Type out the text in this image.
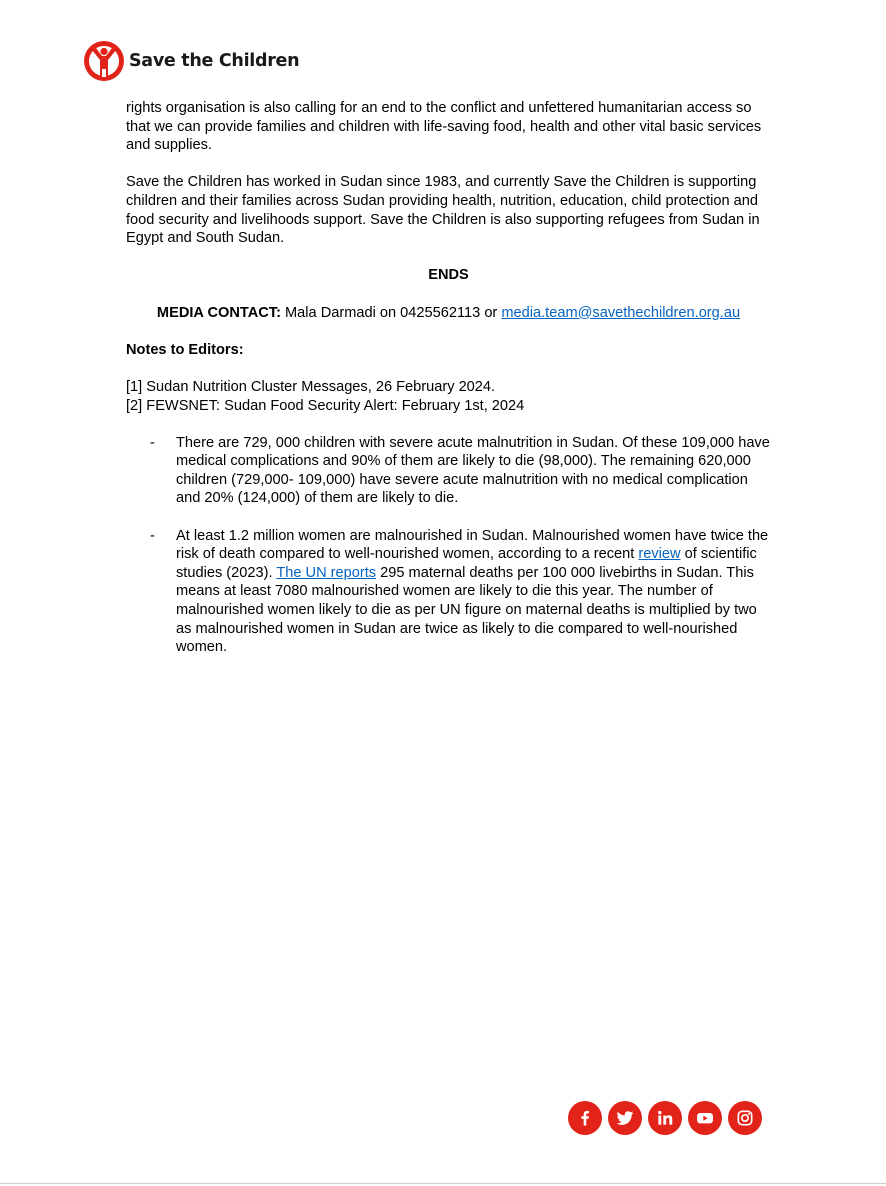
Save the Children

rights organisation is also calling for an end to the conflict and unfettered humanitarian access so that we can provide families and children with life-saving food, health and other vital basic services and supplies.

Save the Children has worked in Sudan since 1983, and currently Save the Children is supporting children and their families across Sudan providing health, nutrition, education, child protection and food security and livelihoods support. Save the Children is also supporting refugees from Sudan in Egypt and South Sudan.

ENDS

MEDIA CONTACT: Mala Darmadi on 0425562113 or media.team@savethechildren.org.au

Notes to Editors:

[1] Sudan Nutrition Cluster Messages, 26 February 2024.

[2] FEWSNET: Sudan Food Security Alert: February 1st, 2024

- There are 729, 000 children with severe acute malnutrition in Sudan. Of these 109,000 have medical complications and 90% of them are likely to die (98,000). The remaining 620,000 children (729,000- 109,000) have severe acute malnutrition with no medical complication and 20% (124,000) of them are likely to die.
- At least 1.2 million women are malnourished in Sudan. Malnourished women have twice the risk of death compared to well-nourished women, according to a recent review of scientific studies (2023). The UN reports 295 maternal deaths per 100 000 livebirths in Sudan. This means at least 7080 malnourished women are likely to die this year. The number of malnourished women likely to die as per UN figure on maternal deaths is multiplied by two as malnourished women in Sudan are twice as likely to die compared to well-nourished women.
